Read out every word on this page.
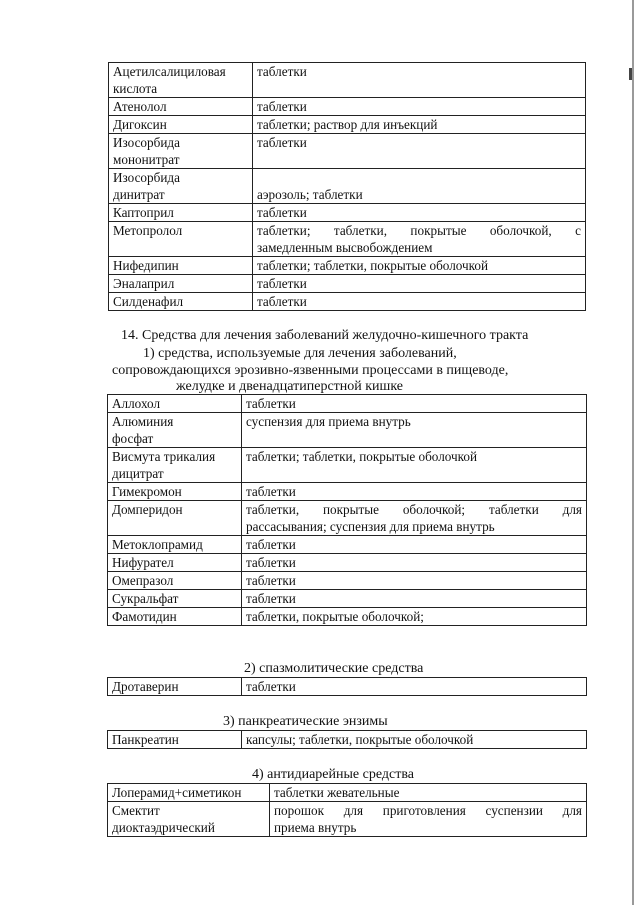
Ацетилсалициловая
кислота	таблетки
Атенолол	таблетки
Дигоксин	таблетки; раствор для инъекций
Изосорбида
мононитрат	таблетки
Изосорбида
динитрат	аэрозоль; таблетки
Каптоприл	таблетки
Метопролол	таблетки; таблетки, покрытые оболочкой, с
замедленным высвобождением
Нифедипин	таблетки; таблетки, покрытые оболочкой
Эналаприл	таблетки
Силденафил	таблетки
14. Средства для лечения заболеваний желудочно-кишечного тракта
1) средства, используемые для лечения заболеваний,
сопровождающихся эрозивно-язвенными процессами в пищеводе,
желудке и двенадцатиперстной кишке
Аллохол	таблетки
Алюминия
фосфат	суспензия для приема внутрь
Висмута трикалия
дицитрат	таблетки; таблетки, покрытые оболочкой
Гимекромон	таблетки
Домперидон	таблетки, покрытые оболочкой; таблетки для
рассасывания; суспензия для приема внутрь
Метоклопрамид	таблетки
Нифурател	таблетки
Омепразол	таблетки
Сукральфат	таблетки
Фамотидин	таблетки, покрытые оболочкой;
2) спазмолитические средства
Дротаверин	таблетки
3) панкреатические энзимы
Панкреатин	капсулы; таблетки, покрытые оболочкой
4) антидиарейные средства
Лоперамид+симетикон	таблетки жевательные
Смектит
диоктаэдрический	порошок для приготовления суспензии для
приема внутрь
